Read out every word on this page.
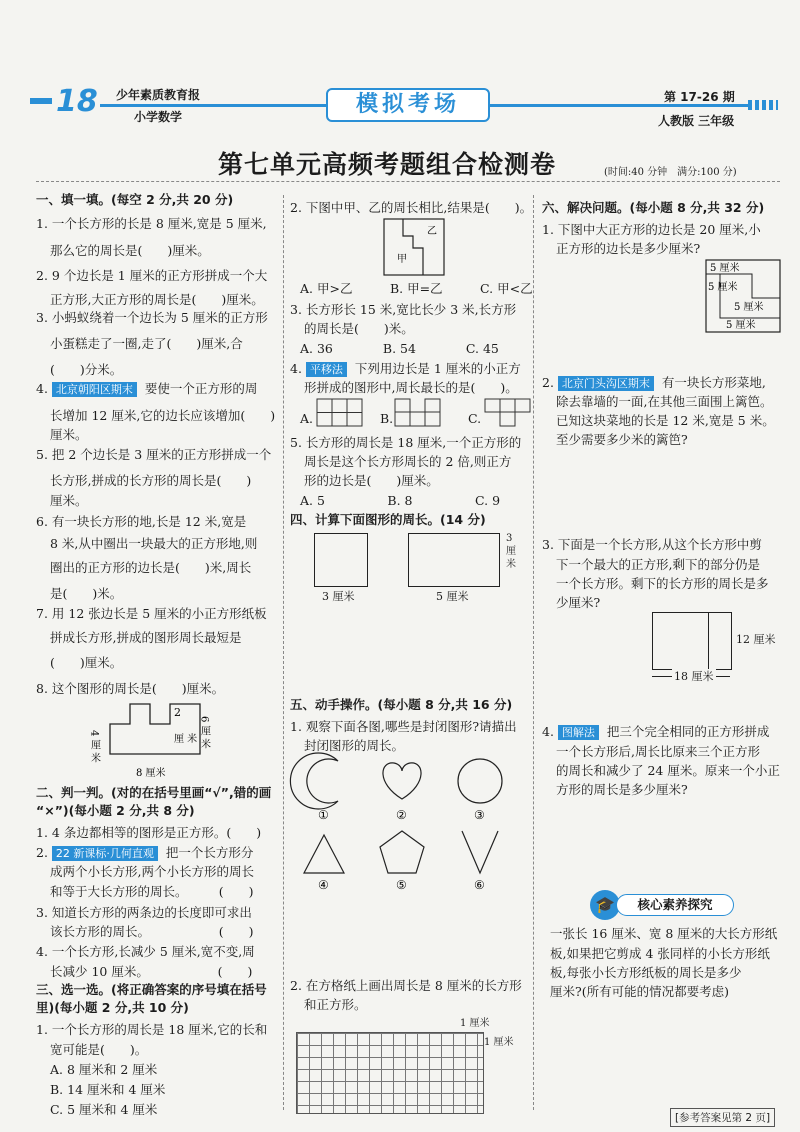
18 少年素质教育报
小学数学	模拟考场	第 17-26 期
人教版 三年级
第七单元高频考题组合检测卷	(时间:40 分钟　满分:100 分)
一、填一填。(每空 2 分,共 20 分)
1. 一个长方形的长是 8 厘米,宽是 5 厘米,
那么它的周长是(　　)厘米。
2. 9 个边长是 1 厘米的正方形拼成一个大
正方形,大正方形的周长是(　　)厘米。
3. 小蚂蚁绕着一个边长为 5 厘米的正方形
小蛋糕走了一圈,走了(　　)厘米,合
(　　)分米。
4. 北京朝阳区期末 要使一个正方形的周
长增加 12 厘米,它的边长应该增加(　　)
厘米。
5. 把 2 个边长是 3 厘米的正方形拼成一个
长方形,拼成的长方形的周长是(　　)
厘米。
6. 有一块长方形的地,长是 12 米,宽是
8 米,从中圈出一块最大的正方形地,则
圈出的正方形的边长是(　　)米,周长
是(　　)米。
7. 用 12 张边长是 5 厘米的小正方形纸板
拼成长方形,拼成的图形周长最短是
(　　)厘米。
8. 这个图形的周长是(　　)厘米。
2
厘 米
4 厘 米	6 厘 米
8 厘米
二、判一判。(对的在括号里画“√”,错的画
“×”)(每小题 2 分,共 8 分)
1. 4 条边都相等的图形是正方形。(　　)
2. 22 新课标·几何直观 把一个长方形分
成两个小长方形,两个小长方形的周长
和等于大长方形的周长。　　　(　　)
3. 知道长方形的两条边的长度即可求出
该长方形的周长。　　　　　　(　　)
4. 一个长方形,长减少 5 厘米,宽不变,周
长减少 10 厘米。　　　　　　(　　)
三、选一选。(将正确答案的序号填在括号
里)(每小题 2 分,共 10 分)
1. 一个长方形的周长是 18 厘米,它的长和
宽可能是(　　)。
A. 8 厘米和 2 厘米
B. 14 厘米和 4 厘米
C. 5 厘米和 4 厘米
2. 下图中甲、乙的周长相比,结果是(　　)。
乙
甲
A. 甲>乙　　　B. 甲=乙　　　C. 甲<乙
3. 长方形长 15 米,宽比长少 3 米,长方形
的周长是(　　)米。
A. 36　　　　B. 54　　　　C. 45
4. 平移法 下列用边长是 1 厘米的小正方
形拼成的图形中,周长最长的是(　　)。
A.	B.	C.
5. 长方形的周长是 18 厘米,一个正方形的
周长是这个长方形周长的 2 倍,则正方
形的边长是(　　)厘米。
A. 5　　　　　B. 8　　　　　C. 9
四、计算下面图形的周长。(14 分)
3 厘米	5 厘米
3 厘 米
五、动手操作。(每小题 8 分,共 16 分)
1. 观察下面各图,哪些是封闭图形?请描出
封闭图形的周长。
①	②	③
④	⑤	⑥
2. 在方格纸上画出周长是 8 厘米的长方形
和正方形。
1 厘米
1 厘米
六、解决问题。(每小题 8 分,共 32 分)
1. 下图中大正方形的边长是 20 厘米,小
正方形的边长是多少厘米?
5 厘米
5 厘米
5 厘米
5 厘米
2. 北京门头沟区期末 有一块长方形菜地,
除去靠墙的一面,在其他三面围上篱笆。
已知这块菜地的长是 12 米,宽是 5 米。
至少需要多少米的篱笆?
3. 下面是一个长方形,从这个长方形中剪
下一个最大的正方形,剩下的部分仍是
一个长方形。剩下的长方形的周长是多
少厘米?
12 厘米
18 厘米
4. 图解法 把三个完全相同的正方形拼成
一个长方形后,周长比原来三个正方形
的周长和减少了 24 厘米。原来一个小正
方形的周长是多少厘米?
🎓	核心素养探究
一张长 16 厘米、宽 8 厘米的大长方形纸
板,如果把它剪成 4 张同样的小长方形纸
板,每张小长方形纸板的周长是多少
厘米?(所有可能的情况都要考虑)
[参考答案见第 2 页]
